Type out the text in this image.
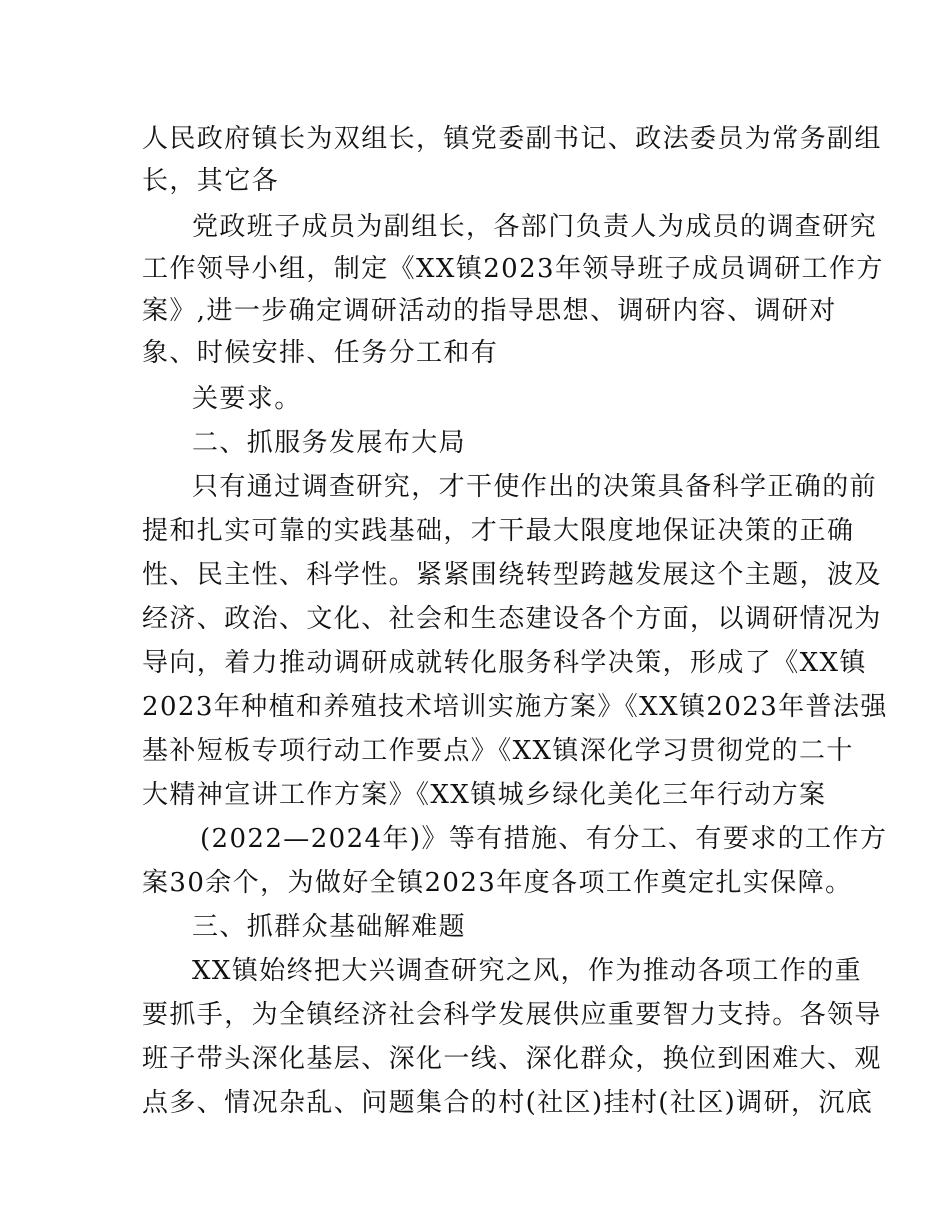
人民政府镇长为双组长，镇党委副书记、政法委员为常务副组
长，其它各
党政班子成员为副组长，各部门负责人为成员的调查研究
工作领导小组，制定《XX镇2023年领导班子成员调研工作方
案》,进一步确定调研活动的指导思想、调研内容、调研对
象、时候安排、任务分工和有
关要求。
二、抓服务发展布大局
只有通过调查研究，才干使作出的决策具备科学正确的前
提和扎实可靠的实践基础，才干最大限度地保证决策的正确
性、民主性、科学性。紧紧围绕转型跨越发展这个主题，波及
经济、政治、文化、社会和生态建设各个方面，以调研情况为
导向，着力推动调研成就转化服务科学决策，形成了《XX镇
2023年种植和养殖技术培训实施方案》《XX镇2023年普法强
基补短板专项行动工作要点》《XX镇深化学习贯彻党的二十
大精神宣讲工作方案》《XX镇城乡绿化美化三年行动方案
(2022—2024年)》等有措施、有分工、有要求的工作方
案30余个，为做好全镇2023年度各项工作奠定扎实保障。
三、抓群众基础解难题
XX镇始终把大兴调查研究之风，作为推动各项工作的重
要抓手，为全镇经济社会科学发展供应重要智力支持。各领导
班子带头深化基层、深化一线、深化群众，换位到困难大、观
点多、情况杂乱、问题集合的村(社区)挂村(社区)调研，沉底
